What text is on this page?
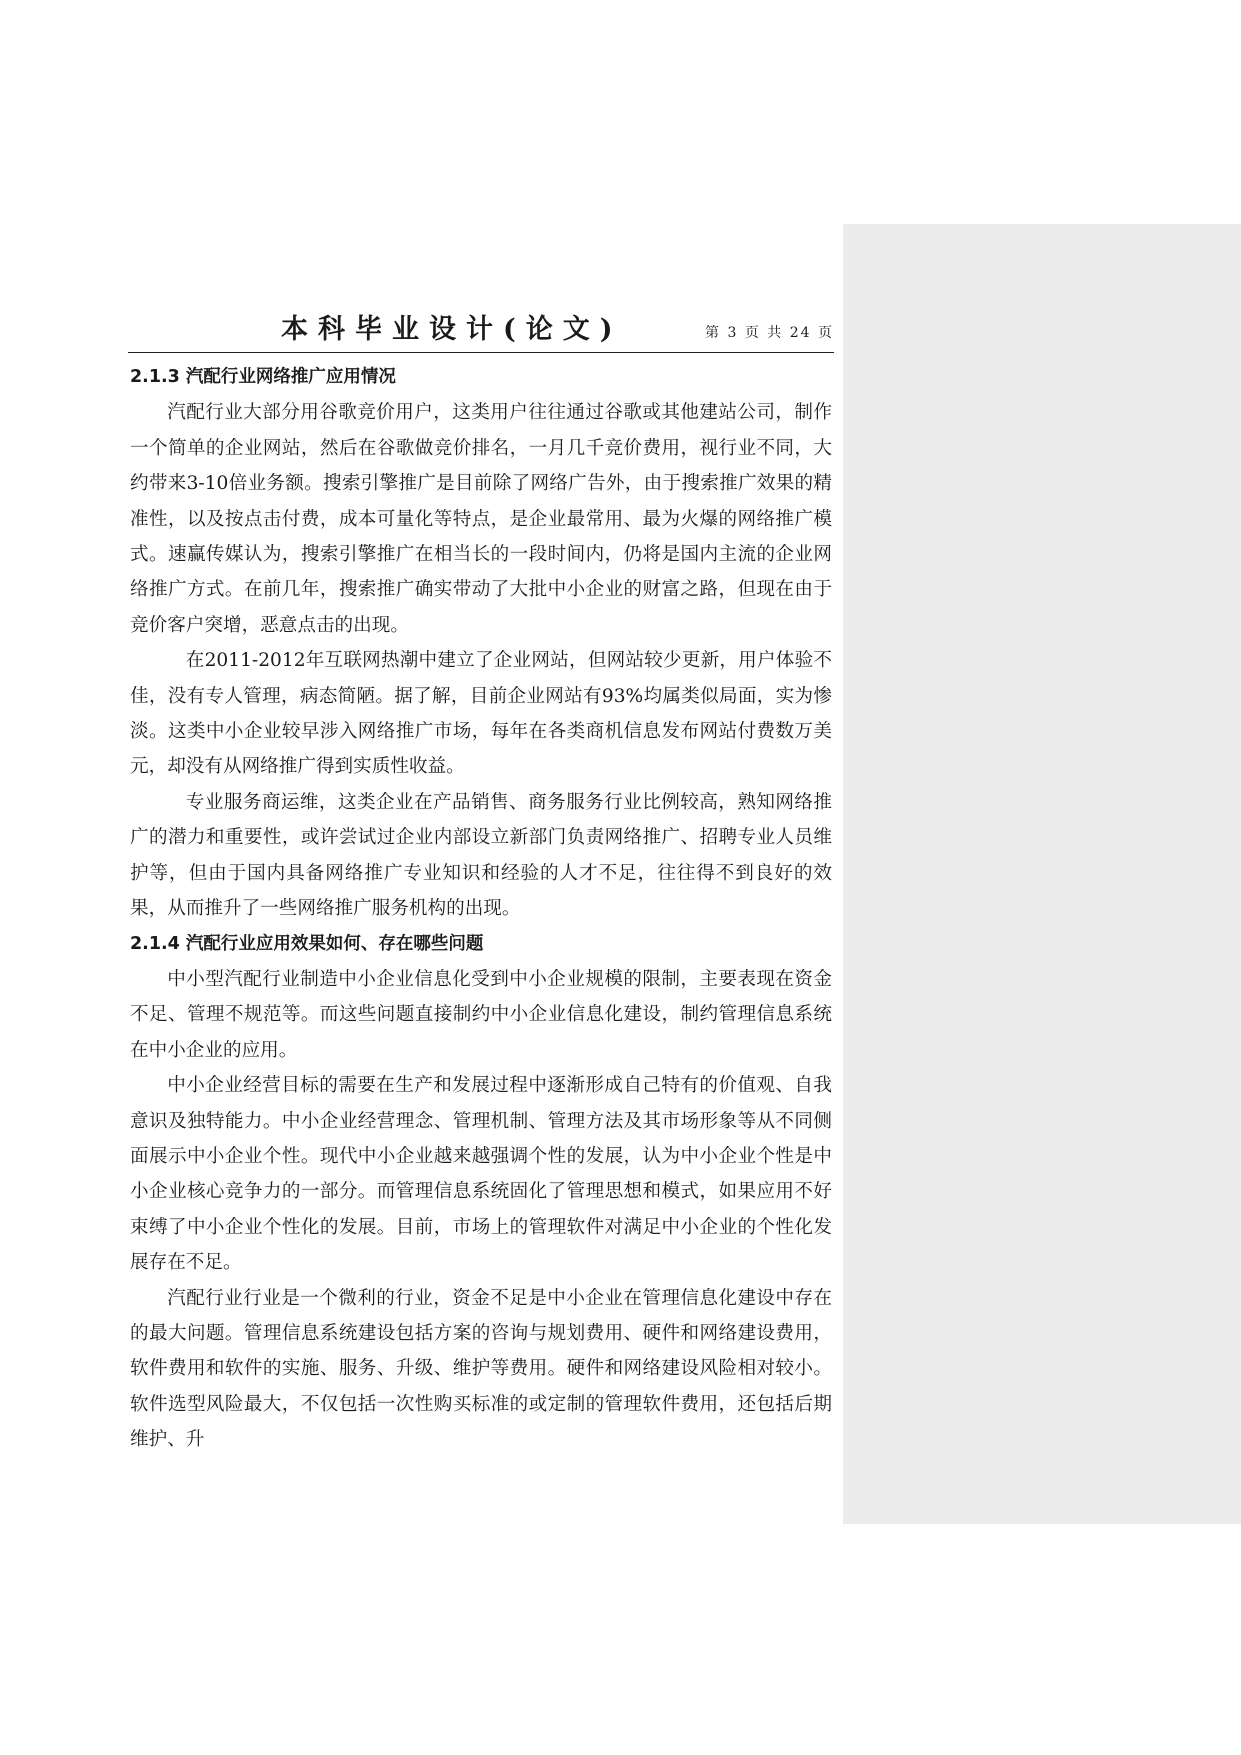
本科毕业设计(论文)	第 3 页 共 24 页
2.1.3 汽配行业网络推广应用情况

汽配行业大部分用谷歌竞价用户，这类用户往往通过谷歌或其他建站公司，制作一个简单的企业网站，然后在谷歌做竞价排名，一月几千竞价费用，视行业不同，大约带来3-10倍业务额。搜索引擎推广是目前除了网络广告外，由于搜索推广效果的精准性，以及按点击付费，成本可量化等特点，是企业最常用、最为火爆的网络推广模式。速赢传媒认为，搜索引擎推广在相当长的一段时间内，仍将是国内主流的企业网络推广方式。在前几年，搜索推广确实带动了大批中小企业的财富之路，但现在由于竞价客户突增，恶意点击的出现。

在2011-2012年互联网热潮中建立了企业网站，但网站较少更新，用户体验不佳，没有专人管理，病态简陋。据了解，目前企业网站有93%均属类似局面，实为惨淡。这类中小企业较早涉入网络推广市场，每年在各类商机信息发布网站付费数万美元，却没有从网络推广得到实质性收益。

专业服务商运维，这类企业在产品销售、商务服务行业比例较高，熟知网络推广的潜力和重要性，或许尝试过企业内部设立新部门负责网络推广、招聘专业人员维护等，但由于国内具备网络推广专业知识和经验的人才不足，往往得不到良好的效果，从而推升了一些网络推广服务机构的出现。

2.1.4 汽配行业应用效果如何、存在哪些问题

中小型汽配行业制造中小企业信息化受到中小企业规模的限制，主要表现在资金不足、管理不规范等。而这些问题直接制约中小企业信息化建设，制约管理信息系统在中小企业的应用。

中小企业经营目标的需要在生产和发展过程中逐渐形成自己特有的价值观、自我意识及独特能力。中小企业经营理念、管理机制、管理方法及其市场形象等从不同侧面展示中小企业个性。现代中小企业越来越强调个性的发展，认为中小企业个性是中小企业核心竞争力的一部分。而管理信息系统固化了管理思想和模式，如果应用不好束缚了中小企业个性化的发展。目前，市场上的管理软件对满足中小企业的个性化发展存在不足。

汽配行业行业是一个微利的行业，资金不足是中小企业在管理信息化建设中存在的最大问题。管理信息系统建设包括方案的咨询与规划费用、硬件和网络建设费用，软件费用和软件的实施、服务、升级、维护等费用。硬件和网络建设风险相对较小。软件选型风险最大，不仅包括一次性购买标准的或定制的管理软件费用，还包括后期维护、升
